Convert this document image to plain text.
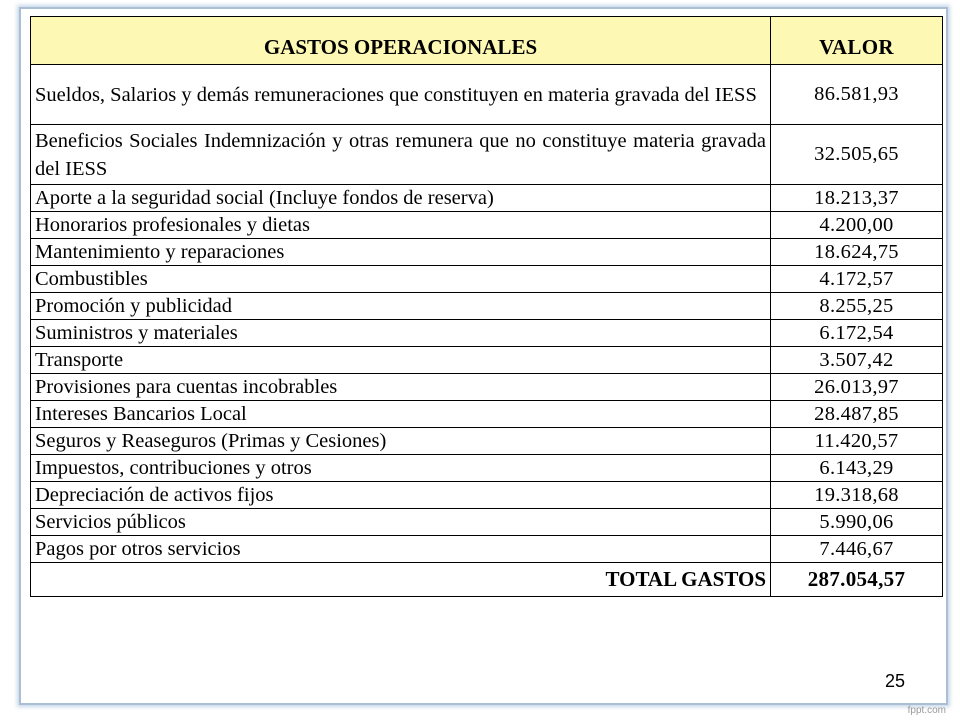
GASTOS OPERACIONALES	VALOR
Sueldos, Salarios y demás remuneraciones que constituyen en materia gravada del IESS	86.581,93
Beneficios Sociales Indemnización y otras remunera que no constituye materia gravada del IESS	32.505,65
Aporte a la seguridad social (Incluye fondos de reserva)	18.213,37
Honorarios profesionales y dietas	4.200,00
Mantenimiento y reparaciones	18.624,75
Combustibles	4.172,57
Promoción y publicidad	8.255,25
Suministros y materiales	6.172,54
Transporte	3.507,42
Provisiones para cuentas incobrables	26.013,97
Intereses Bancarios Local	28.487,85
Seguros y Reaseguros (Primas y Cesiones)	11.420,57
Impuestos, contribuciones y otros	6.143,29
Depreciación de activos fijos	19.318,68
Servicios públicos	5.990,06
Pagos por otros servicios	7.446,67
TOTAL GASTOS	287.054,57
25
fppt.com
